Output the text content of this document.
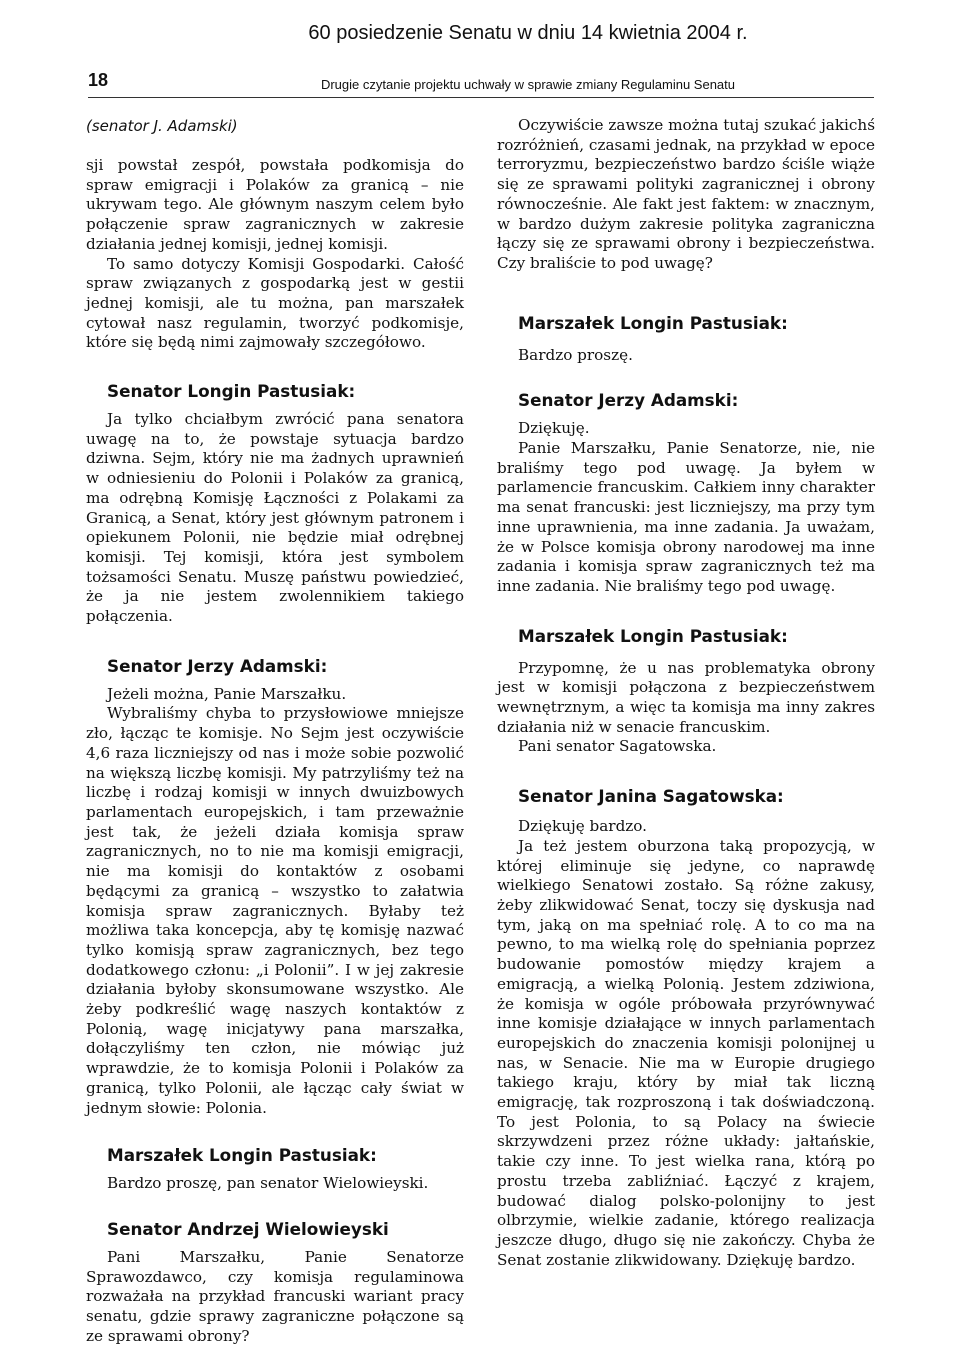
18
60 posiedzenie Senatu w dniu 14 kwietnia 2004 r.
Drugie czytanie projektu uchwały w sprawie zmiany Regulaminu Senatu
(senator J. Adamski)

sji powstał zespół, powstała podkomisja do spraw emigracji i Polaków za granicą – nie ukrywam tego. Ale głównym naszym celem było połączenie spraw zagranicznych w zakresie działania jednej komisji, jednej komisji.

To samo dotyczy Komisji Gospodarki. Całość spraw związanych z gospodarką jest w gestii jednej komisji, ale tu można, pan marszałek cytował nasz regulamin, tworzyć podkomisje, które się będą nimi zajmowały szczegółowo.

Senator Longin Pastusiak:

Ja tylko chciałbym zwrócić pana senatora uwagę na to, że powstaje sytuacja bardzo dziwna. Sejm, który nie ma żadnych uprawnień w odniesieniu do Polonii i Polaków za granicą, ma odrębną Komisję Łączności z Polakami za Granicą, a Senat, który jest głównym patronem i opiekunem Polonii, nie będzie miał odrębnej komisji. Tej komisji, która jest symbolem tożsamości Senatu. Muszę państwu powiedzieć, że ja nie jestem zwolennikiem takiego połączenia.

Senator Jerzy Adamski:

Jeżeli można, Panie Marszałku.

Wybraliśmy chyba to przysłowiowe mniejsze zło, łącząc te komisje. No Sejm jest oczywiście 4,6 raza liczniejszy od nas i może sobie pozwolić na większą liczbę komisji. My patrzyliśmy też na liczbę i rodzaj komisji w innych dwuizbowych parlamentach europejskich, i tam przeważnie jest tak, że jeżeli działa komisja spraw zagranicznych, no to nie ma komisji emigracji, nie ma komisji do kontaktów z osobami będącymi za granicą – wszystko to załatwia komisja spraw zagranicznych. Byłaby też możliwa taka koncepcja, aby tę komisję nazwać tylko komisją spraw zagranicznych, bez tego dodatkowego członu: „i Polonii”. I w jej zakresie działania byłoby skonsumowane wszystko. Ale żeby podkreślić wagę naszych kontaktów z Polonią, wagę inicjatywy pana marszałka, dołączyliśmy ten człon, nie mówiąc już wprawdzie, że to komisja Polonii i Polaków za granicą, tylko Polonii, ale łącząc cały świat w jednym słowie: Polonia.

Marszałek Longin Pastusiak:

Bardzo proszę, pan senator Wielowieyski.

Senator Andrzej Wielowieyski

Pani Marszałku, Panie Senatorze Sprawozdawco, czy komisja regulaminowa rozważała na przykład francuski wariant pracy senatu, gdzie sprawy zagraniczne połączone są ze sprawami obrony?

Oczywiście zawsze można tutaj szukać jakichś rozróżnień, czasami jednak, na przykład w epoce terroryzmu, bezpieczeństwo bardzo ściśle wiąże się ze sprawami polityki zagranicznej i obrony równocześnie. Ale fakt jest faktem: w znacznym, w bardzo dużym zakresie polityka zagraniczna łączy się ze sprawami obrony i bezpieczeństwa. Czy braliście to pod uwagę?

Marszałek Longin Pastusiak:

Bardzo proszę.

Senator Jerzy Adamski:

Dziękuję.

Panie Marszałku, Panie Senatorze, nie, nie braliśmy tego pod uwagę. Ja byłem w parlamencie francuskim. Całkiem inny charakter ma senat francuski: jest liczniejszy, ma przy tym inne uprawnienia, ma inne zadania. Ja uważam, że w Polsce komisja obrony narodowej ma inne zadania i komisja spraw zagranicznych też ma inne zadania. Nie braliśmy tego pod uwagę.

Marszałek Longin Pastusiak:

Przypomnę, że u nas problematyka obrony jest w komisji połączona z bezpieczeństwem wewnętrznym, a więc ta komisja ma inny zakres działania niż w senacie francuskim.

Pani senator Sagatowska.

Senator Janina Sagatowska:

Dziękuję bardzo.

Ja też jestem oburzona taką propozycją, w której eliminuje się jedyne, co naprawdę wielkiego Senatowi zostało. Są różne zakusy, żeby zlikwidować Senat, toczy się dyskusja nad tym, jaką on ma spełniać rolę. A to co ma na pewno, to ma wielką rolę do spełniania poprzez budowanie pomostów między krajem a emigracją, a wielką Polonią. Jestem zdziwiona, że komisja w ogóle próbowała przyrównywać inne komisje działające w innych parlamentach europejskich do znaczenia komisji polonijnej u nas, w Senacie. Nie ma w Europie drugiego takiego kraju, który by miał tak liczną emigrację, tak rozproszoną i tak doświadczoną. To jest Polonia, to są Polacy na świecie skrzywdzeni przez różne układy: jałtańskie, takie czy inne. To jest wielka rana, którą po prostu trzeba zabliźniać. Łączyć z krajem, budować dialog polsko-polonijny to jest olbrzymie, wielkie zadanie, którego realizacja jeszcze długo, długo się nie zakończy. Chyba że Senat zostanie zlikwidowany. Dziękuję bardzo.
